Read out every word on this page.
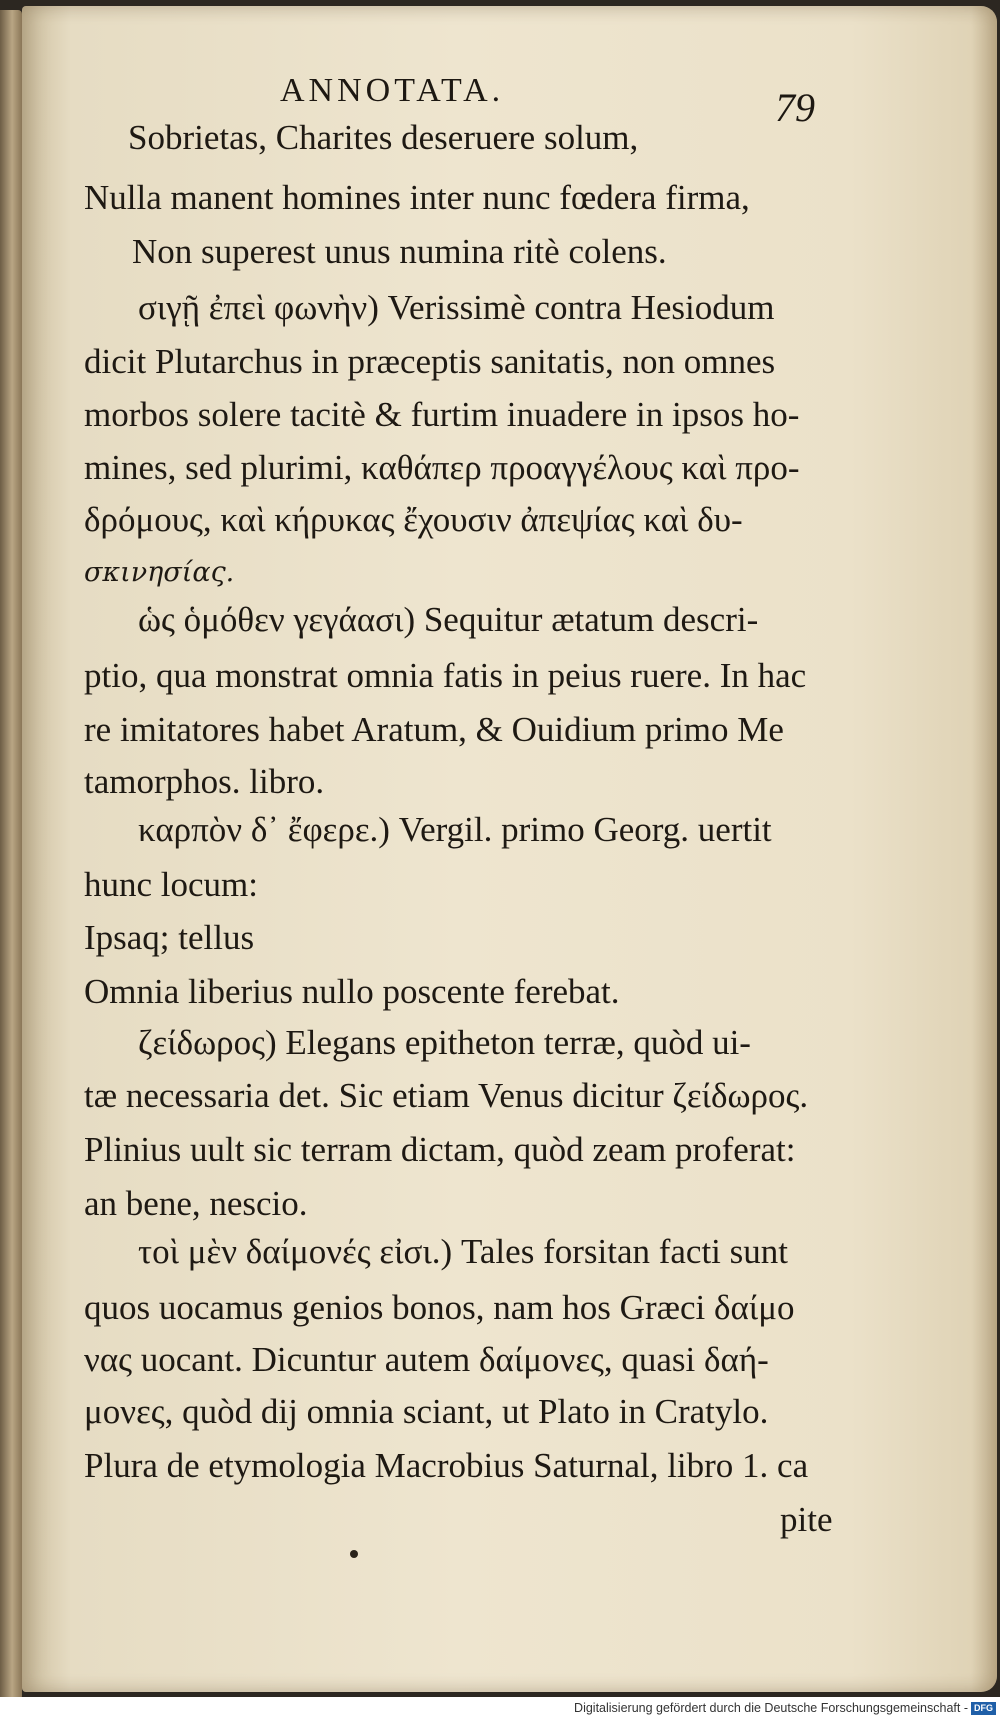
ANNOTATA.	79
Sobrietas, Charites deseruere solum,
Nulla manent homines inter nunc fœdera firma,
Non superest unus numina ritè colens.
σιγῇ ἐπεὶ φωνὴν) Verissimè contra Hesiodum
dicit Plutarchus in præceptis sanitatis, non omnes
morbos solere tacitè & furtim inuadere in ipsos ho-
mines, sed plurimi, καθάπερ προαγγέλους καὶ προ-
δρόμους, καὶ κήρυκας ἔχουσιν ἀπεψίας καὶ δυ-
σκινησίας.
ὡς ὁμόθεν γεγάασι) Sequitur ætatum descri-
ptio, qua monstrat omnia fatis in peius ruere. In hac
re imitatores habet Aratum, & Ouidium primo Me
tamorphos. libro.
καρπὸν δ᾽ ἔφερε.) Vergil. primo Georg. uertit
hunc locum:
Ipsaq; tellus
Omnia liberius nullo poscente ferebat.
ζείδωρος) Elegans epitheton terræ, quòd ui-
tæ necessaria det. Sic etiam Venus dicitur ζείδωρος.
Plinius uult sic terram dictam, quòd zeam proferat:
an bene, nescio.
τοὶ μὲν δαίμονές εἰσι.) Tales forsitan facti sunt
quos uocamus genios bonos, nam hos Græci δαίμο
νας uocant. Dicuntur autem δαίμονες, quasi δαή-
μονες, quòd dij omnia sciant, ut Plato in Cratylo.
Plura de etymologia Macrobius Saturnal, libro 1. ca
pite
Digitalisierung gefördert durch die Deutsche Forschungsgemeinschaft - DFG
